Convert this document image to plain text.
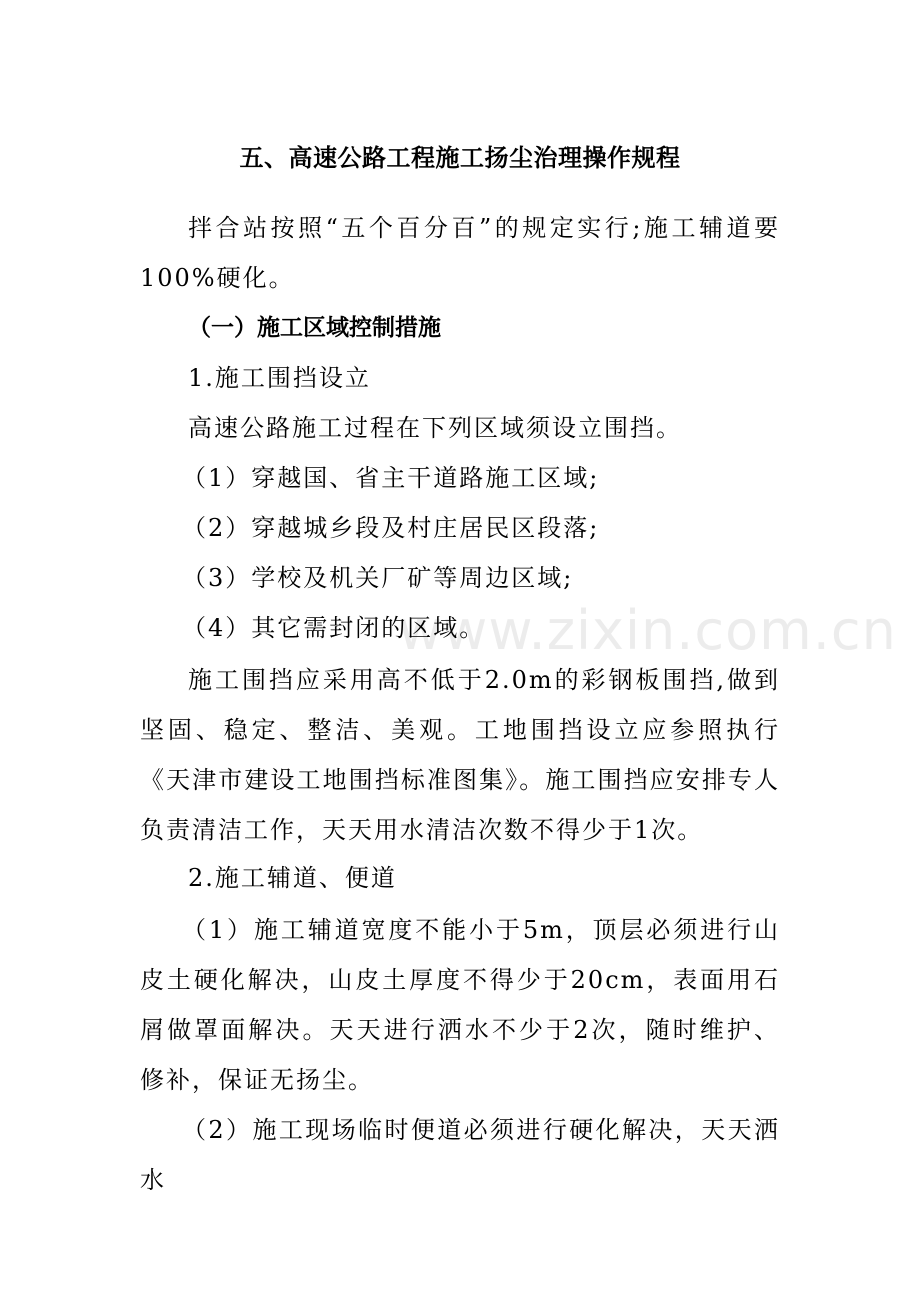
www.zixin.com.cn
五、高速公路工程施工扬尘治理操作规程
拌合站按照“五个百分百”的规定实行;施工辅道要100%硬化。
（一）施工区域控制措施
1.施工围挡设立
高速公路施工过程在下列区域须设立围挡。
（1）穿越国、省主干道路施工区域;
（2）穿越城乡段及村庄居民区段落;
（3）学校及机关厂矿等周边区域;
（4）其它需封闭的区域。
施工围挡应采用高不低于2.0m的彩钢板围挡,做到坚固、稳定、整洁、美观。工地围挡设立应参照执行《天津市建设工地围挡标准图集》。施工围挡应安排专人负责清洁工作，天天用水清洁次数不得少于1次。
2.施工辅道、便道
（1）施工辅道宽度不能小于5m，顶层必须进行山皮土硬化解决，山皮土厚度不得少于20cm，表面用石屑做罩面解决。天天进行洒水不少于2次，随时维护、修补，保证无扬尘。
（2）施工现场临时便道必须进行硬化解决，天天洒水
